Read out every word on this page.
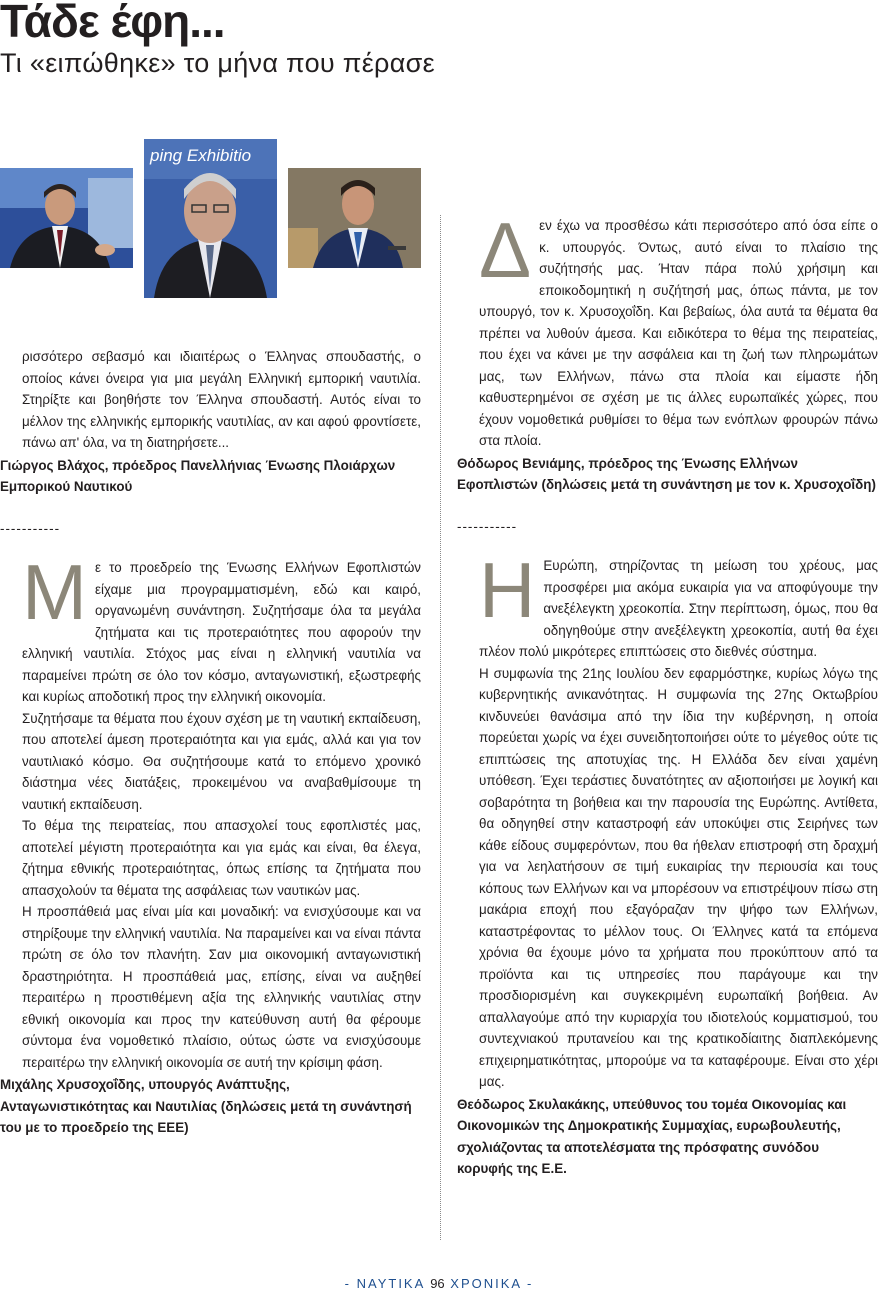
Τάδε έφη...
Τι «ειπώθηκε» το μήνα που πέρασε
ping Exhibitio

ρισσότερο σεβασμό και ιδιαιτέρως ο Έλληνας σπουδαστής, ο οποίος κάνει όνειρα για μια μεγάλη Ελληνική εμπορική ναυτιλία. Στηρίξτε και βοηθήστε τον Έλληνα σπουδαστή. Αυτός είναι το μέλλον της ελληνικής εμπορικής ναυτιλίας, αν και αφού φροντίσετε, πάνω απ' όλα, να τη διατηρήσετε...

Γιώργος Βλάχος, πρόεδρος Πανελλήνιας Ένωσης Πλοιάρχων Εμπορικού Ναυτικού

-----------

Μ ε το προεδρείο της Ένωσης Ελλήνων Εφοπλιστών είχαμε μια προγραμματισμένη, εδώ και καιρό, οργανωμένη συνάντηση. Συζητήσαμε όλα τα μεγάλα ζητήματα και τις προτεραιότητες που αφορούν την ελληνική ναυτιλία. Στόχος μας είναι η ελληνική ναυτιλία να παραμείνει πρώτη σε όλο τον κόσμο, ανταγωνιστική, εξωστρεφής και κυρίως αποδοτική προς την ελληνική οικονομία.

Συζητήσαμε τα θέματα που έχουν σχέση με τη ναυτική εκπαίδευση, που αποτελεί άμεση προτεραιότητα και για εμάς, αλλά και για τον ναυτιλιακό κόσμο. Θα συζητήσουμε κατά το επόμενο χρονικό διάστημα νέες διατάξεις, προκειμένου να αναβαθμίσουμε τη ναυτική εκπαίδευση.

Το θέμα της πειρατείας, που απασχολεί τους εφοπλιστές μας, αποτελεί μέγιστη προτεραιότητα και για εμάς και είναι, θα έλεγα, ζήτημα εθνικής προτεραιότητας, όπως επίσης τα ζητήματα που απασχολούν τα θέματα της ασφάλειας των ναυτικών μας.

Η προσπάθειά μας είναι μία και μοναδική: να ενισχύσουμε και να στηρίξουμε την ελληνική ναυτιλία. Να παραμείνει και να είναι πάντα πρώτη σε όλο τον πλανήτη. Σαν μια οικονομική ανταγωνιστική δραστηριότητα. Η προσπάθειά μας, επίσης, είναι να αυξηθεί περαιτέρω η προστιθέμενη αξία της ελληνικής ναυτιλίας στην εθνική οικονομία και προς την κατεύθυνση αυτή θα φέρουμε σύντομα ένα νομοθετικό πλαίσιο, ούτως ώστε να ενισχύσουμε περαιτέρω την ελληνική οικονομία σε αυτή την κρίσιμη φάση.

Μιχάλης Χρυσοχοΐδης, υπουργός Ανάπτυξης, Ανταγωνιστικότητας και Ναυτιλίας (δηλώσεις μετά τη συνάντησή του με το προεδρείο της ΕΕΕ)

Δ εν έχω να προσθέσω κάτι περισσότερο από όσα είπε ο κ. υπουργός. Όντως, αυτό είναι το πλαίσιο της συζήτησής μας. Ήταν πάρα πολύ χρήσιμη και εποικοδομητική η συζήτησή μας, όπως πάντα, με τον υπουργό, τον κ. Χρυσοχοΐδη. Και βεβαίως, όλα αυτά τα θέματα θα πρέπει να λυθούν άμεσα. Και ειδικότερα το θέμα της πειρατείας, που έχει να κάνει με την ασφάλεια και τη ζωή των πληρωμάτων μας, των Ελλήνων, πάνω στα πλοία και είμαστε ήδη καθυστερημένοι σε σχέση με τις άλλες ευρωπαϊκές χώρες, που έχουν νομοθετικά ρυθμίσει το θέμα των ενόπλων φρουρών πάνω στα πλοία.

Θόδωρος Βενιάμης, πρόεδρος της Ένωσης Ελλήνων Εφοπλιστών (δηλώσεις μετά τη συνάντηση με τον κ. Χρυσοχοΐδη)

-----------

Η Ευρώπη, στηρίζοντας τη μείωση του χρέους, μας προσφέρει μια ακόμα ευκαιρία για να αποφύγουμε την ανεξέλεγκτη χρεοκοπία. Στην περίπτωση, όμως, που θα οδηγηθούμε στην ανεξέλεγκτη χρεοκοπία, αυτή θα έχει πλέον πολύ μικρότερες επιπτώσεις στο διεθνές σύστημα.

Η συμφωνία της 21ης Ιουλίου δεν εφαρμόστηκε, κυρίως λόγω της κυβερνητικής ανικανότητας. Η συμφωνία της 27ης Οκτωβρίου κινδυνεύει θανάσιμα από την ίδια την κυβέρνηση, η οποία πορεύεται χωρίς να έχει συνειδητοποιήσει ούτε το μέγεθος ούτε τις επιπτώσεις της αποτυχίας της. Η Ελλάδα δεν είναι χαμένη υπόθεση. Έχει τεράστιες δυνατότητες αν αξιοποιήσει με λογική και σοβαρότητα τη βοήθεια και την παρουσία της Ευρώπης. Αντίθετα, θα οδηγηθεί στην καταστροφή εάν υποκύψει στις Σειρήνες των κάθε είδους συμφερόντων, που θα ήθελαν επιστροφή στη δραχμή για να λεηλατήσουν σε τιμή ευκαιρίας την περιουσία και τους κόπους των Ελλήνων και να μπορέσουν να επιστρέψουν πίσω στη μακάρια εποχή που εξαγόραζαν την ψήφο των Ελλήνων, καταστρέφοντας το μέλλον τους. Οι Έλληνες κατά τα επόμενα χρόνια θα έχουμε μόνο τα χρήματα που προκύπτουν από τα προϊόντα και τις υπηρεσίες που παράγουμε και την προσδιορισμένη και συγκεκριμένη ευρωπαϊκή βοήθεια. Αν απαλλαγούμε από την κυριαρχία του ιδιοτελούς κομματισμού, του συντεχνιακού πρυτανείου και της κρατικοδίαιτης διαπλεκόμενης επιχειρηματικότητας, μπορούμε να τα καταφέρουμε. Είναι στο χέρι μας.

Θεόδωρος Σκυλακάκης, υπεύθυνος του τομέα Οικονομίας και Οικονομικών της Δημοκρατικής Συμμαχίας, ευρωβουλευτής, σχολιάζοντας τα αποτελέσματα της πρόσφατης συνόδου κορυφής της Ε.Ε.

- ΝΑΥΤΙΚΑ 96 ΧΡΟΝΙΚΑ -
